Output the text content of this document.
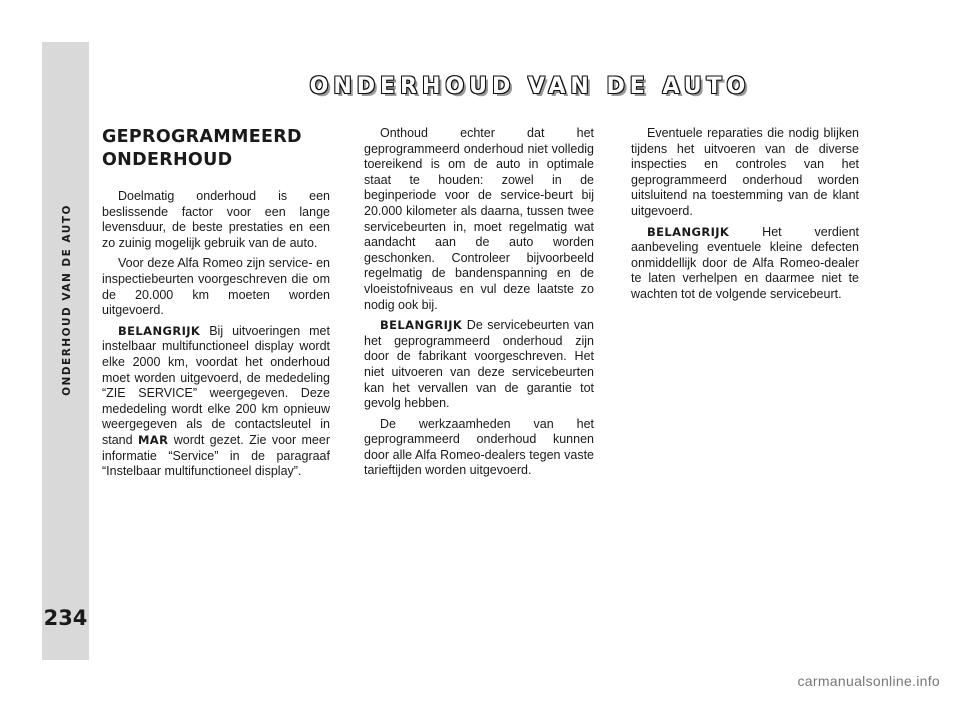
ONDERHOUD VAN DE AUTO
234
ONDERHOUD VAN DE AUTO
GEPROGRAMMEERD
ONDERHOUD

Doelmatig onderhoud is een beslissende factor voor een lange levensduur, de beste prestaties en een zo zuinig mogelijk gebruik van de auto.

Voor deze Alfa Romeo zijn service- en inspectiebeurten voorgeschreven die om de 20.000 km moeten worden uitgevoerd.

BELANGRIJK Bij uitvoeringen met instelbaar multifunctioneel display wordt elke 2000 km, voordat het onderhoud moet worden uitgevoerd, de mededeling “ZIE SERVICE” weergegeven. Deze mededeling wordt elke 200 km opnieuw weergegeven als de contactsleutel in stand MAR wordt gezet. Zie voor meer informatie “Service” in de paragraaf “Instelbaar multifunctioneel display”.

Onthoud echter dat het geprogrammeerd onderhoud niet volledig toereikend is om de auto in optimale staat te houden: zowel in de beginperiode voor de service-beurt bij 20.000 kilometer als daarna, tussen twee servicebeurten in, moet regelmatig wat aandacht aan de auto worden geschonken. Controleer bijvoorbeeld regelmatig de bandenspanning en de vloeistofniveaus en vul deze laatste zo nodig ook bij.

BELANGRIJK De servicebeurten van het geprogrammeerd onderhoud zijn door de fabrikant voorgeschreven. Het niet uitvoeren van deze servicebeurten kan het vervallen van de garantie tot gevolg hebben.

De werkzaamheden van het geprogrammeerd onderhoud kunnen door alle Alfa Romeo-dealers tegen vaste tarieftijden worden uitgevoerd.

Eventuele reparaties die nodig blijken tijdens het uitvoeren van de diverse inspecties en controles van het geprogrammeerd onderhoud worden uitsluitend na toestemming van de klant uitgevoerd.

BELANGRIJK Het verdient aanbeveling eventuele kleine defecten onmiddellijk door de Alfa Romeo-dealer te laten verhelpen en daarmee niet te wachten tot de volgende servicebeurt.

carmanualsonline.info
